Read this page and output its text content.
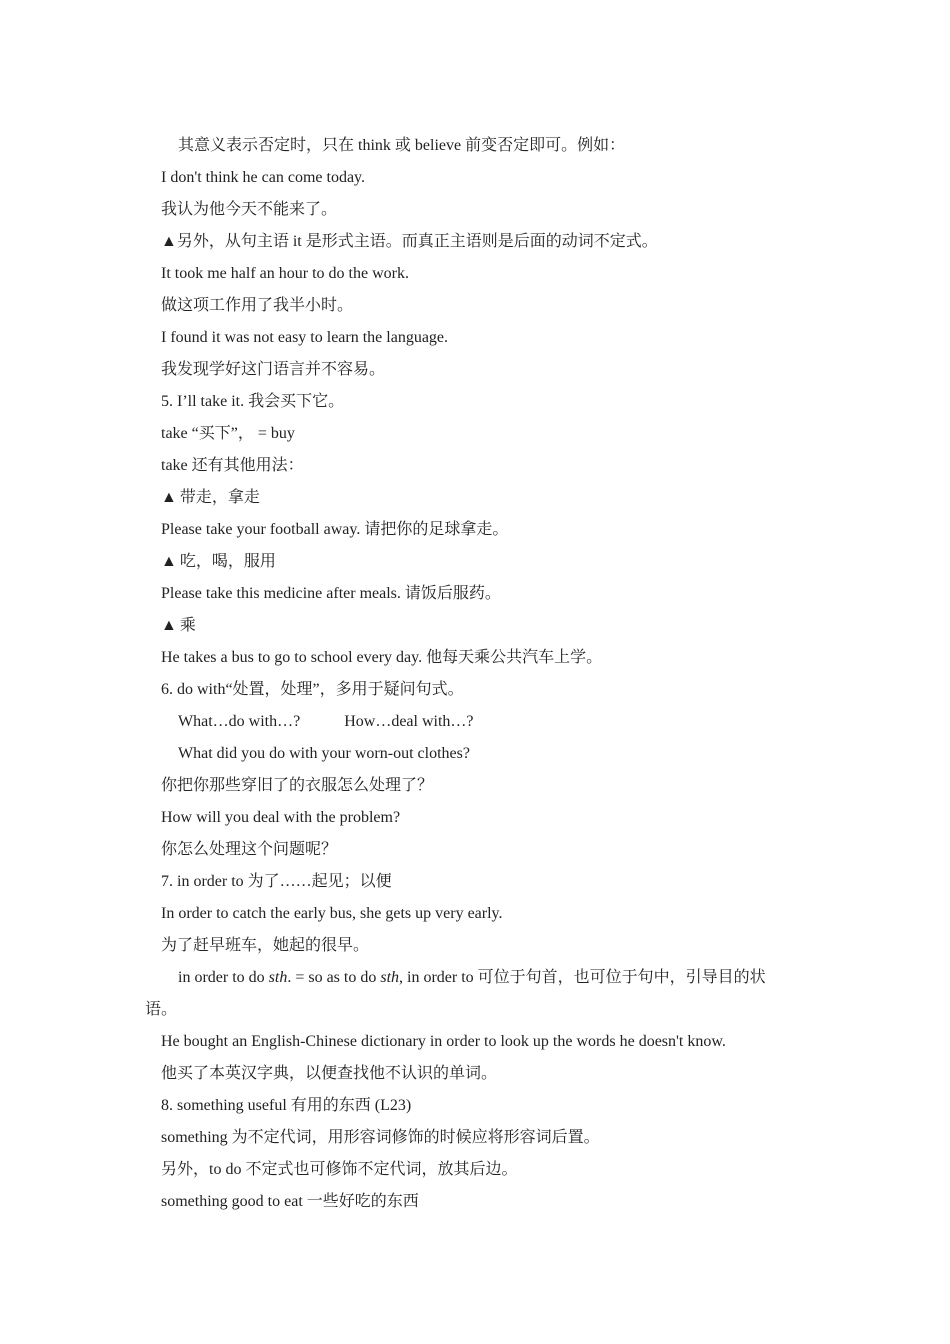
其意义表示否定时，只在 think 或 believe 前变否定即可。例如：
I don't think he can come today.
我认为他今天不能来了。
▲另外，从句主语 it 是形式主语。而真正主语则是后面的动词不定式。
It took me half an hour to do the work.
做这项工作用了我半小时。
I found it was not easy to learn the language.
我发现学好这门语言并不容易。
5. I’ll take it. 我会买下它。
take “买下”， = buy
take 还有其他用法：
▲ 带走，拿走
Please take your football away. 请把你的足球拿走。
▲ 吃，喝，服用
Please take this medicine after meals. 请饭后服药。
▲ 乘
He takes a bus to go to school every day. 他每天乘公共汽车上学。
6. do with“处置，处理”，多用于疑问句式。
What…do with…?	How…deal with…?
What did you do with your worn-out clothes?
你把你那些穿旧了的衣服怎么处理了？
How will you deal with the problem?
你怎么处理这个问题呢？
7. in order to 为了……起见；以便
In order to catch the early bus, she gets up very early.
为了赶早班车，她起的很早。
in order to do sth. = so as to do sth, in order to 可位于句首，也可位于句中，引导目的状
语。
He bought an English-Chinese dictionary in order to look up the words he doesn't know.
他买了本英汉字典，以便查找他不认识的单词。
8. something useful 有用的东西 (L23)
something 为不定代词，用形容词修饰的时候应将形容词后置。
另外，to do 不定式也可修饰不定代词，放其后边。
something good to eat 一些好吃的东西
